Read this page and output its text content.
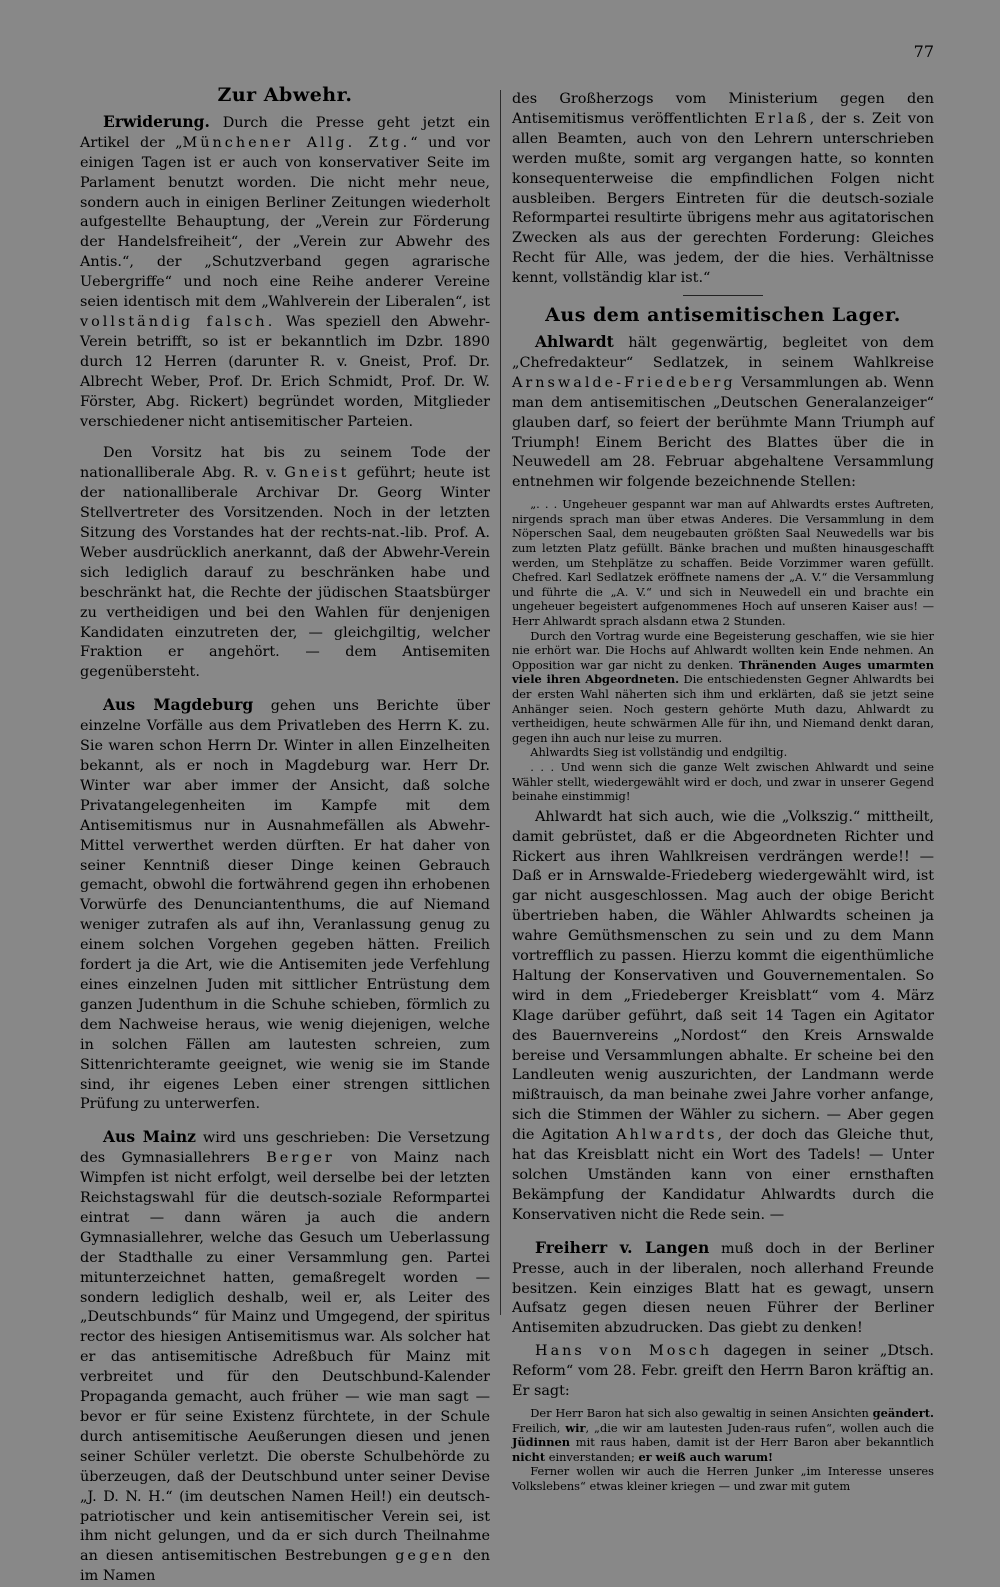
77
Zur Abwehr.

Erwiderung. Durch die Presse geht jetzt ein Artikel der „Münchener Allg. Ztg.“ und vor einigen Tagen ist er auch von konservativer Seite im Parlament benutzt worden. Die nicht mehr neue, sondern auch in einigen Berliner Zeitungen wiederholt aufgestellte Behauptung, der „Verein zur Förderung der Handelsfreiheit“, der „Verein zur Abwehr des Antis.“, der „Schutzverband gegen agrarische Uebergriffe“ und noch eine Reihe anderer Vereine seien identisch mit dem „Wahlverein der Liberalen“, ist vollständig falsch. Was speziell den Abwehr-Verein betrifft, so ist er bekanntlich im Dzbr. 1890 durch 12 Herren (darunter R. v. Gneist, Prof. Dr. Albrecht Weber, Prof. Dr. Erich Schmidt, Prof. Dr. W. Förster, Abg. Rickert) begründet worden, Mitglieder verschiedener nicht antisemitischer Parteien.

Den Vorsitz hat bis zu seinem Tode der nationalliberale Abg. R. v. Gneist geführt; heute ist der nationalliberale Archivar Dr. Georg Winter Stellvertreter des Vorsitzenden. Noch in der letzten Sitzung des Vorstandes hat der rechts-nat.-lib. Prof. A. Weber ausdrücklich anerkannt, daß der Abwehr-Verein sich lediglich darauf zu beschränken habe und beschränkt hat, die Rechte der jüdischen Staatsbürger zu vertheidigen und bei den Wahlen für denjenigen Kandidaten einzutreten der, — gleichgiltig, welcher Fraktion er angehört. — dem Antisemiten gegenübersteht.

Aus Magdeburg gehen uns Berichte über einzelne Vorfälle aus dem Privatleben des Herrn K. zu. Sie waren schon Herrn Dr. Winter in allen Einzelheiten bekannt, als er noch in Magdeburg war. Herr Dr. Winter war aber immer der Ansicht, daß solche Privatangelegenheiten im Kampfe mit dem Antisemitismus nur in Ausnahmefällen als Abwehr-Mittel verwerthet werden dürften. Er hat daher von seiner Kenntniß dieser Dinge keinen Gebrauch gemacht, obwohl die fortwährend gegen ihn erhobenen Vorwürfe des Denunciantenthums, die auf Niemand weniger zutrafen als auf ihn, Veranlassung genug zu einem solchen Vorgehen gegeben hätten. Freilich fordert ja die Art, wie die Antisemiten jede Verfehlung eines einzelnen Juden mit sittlicher Entrüstung dem ganzen Judenthum in die Schuhe schieben, förmlich zu dem Nachweise heraus, wie wenig diejenigen, welche in solchen Fällen am lautesten schreien, zum Sittenrichteramte geeignet, wie wenig sie im Stande sind, ihr eigenes Leben einer strengen sittlichen Prüfung zu unterwerfen.

Aus Mainz wird uns geschrieben: Die Versetzung des Gymnasiallehrers Berger von Mainz nach Wimpfen ist nicht erfolgt, weil derselbe bei der letzten Reichstagswahl für die deutsch-soziale Reformpartei eintrat — dann wären ja auch die andern Gymnasiallehrer, welche das Gesuch um Ueberlassung der Stadthalle zu einer Versammlung gen. Partei mitunterzeichnet hatten, gemaßregelt worden — sondern lediglich deshalb, weil er, als Leiter des „Deutschbunds“ für Mainz und Umgegend, der spiritus rector des hiesigen Antisemitismus war. Als solcher hat er das antisemitische Adreßbuch für Mainz mit verbreitet und für den Deutschbund-Kalender Propaganda gemacht, auch früher — wie man sagt — bevor er für seine Existenz fürchtete, in der Schule durch antisemitische Aeußerungen diesen und jenen seiner Schüler verletzt. Die oberste Schulbehörde zu überzeugen, daß der Deutschbund unter seiner Devise „J. D. N. H.“ (im deutschen Namen Heil!) ein deutsch-patriotischer und kein antisemitischer Verein sei, ist ihm nicht gelungen, und da er sich durch Theilnahme an diesen antisemitischen Bestrebungen gegen den im Namen

des Großherzogs vom Ministerium gegen den Antisemitismus veröffentlichten Erlaß, der s. Zeit von allen Beamten, auch von den Lehrern unterschrieben werden mußte, somit arg vergangen hatte, so konnten konsequenterweise die empfindlichen Folgen nicht ausbleiben. Bergers Eintreten für die deutsch-soziale Reformpartei resultirte übrigens mehr aus agitatorischen Zwecken als aus der gerechten Forderung: Gleiches Recht für Alle, was jedem, der die hies. Verhältnisse kennt, vollständig klar ist.“

Aus dem antisemitischen Lager.

Ahlwardt hält gegenwärtig, begleitet von dem „Chefredakteur“ Sedlatzek, in seinem Wahlkreise Arnswalde-Friedeberg Versammlungen ab. Wenn man dem antisemitischen „Deutschen Generalanzeiger“ glauben darf, so feiert der berühmte Mann Triumph auf Triumph! Einem Bericht des Blattes über die in Neuwedell am 28. Februar abgehaltene Versammlung entnehmen wir folgende bezeichnende Stellen:

„. . . Ungeheuer gespannt war man auf Ahlwardts erstes Auftreten, nirgends sprach man über etwas Anderes. Die Versammlung in dem Nöperschen Saal, dem neugebauten größten Saal Neuwedells war bis zum letzten Platz gefüllt. Bänke brachen und mußten hinausgeschafft werden, um Stehplätze zu schaffen. Beide Vorzimmer waren gefüllt. Chefred. Karl Sedlatzek eröffnete namens der „A. V.“ die Versammlung und führte die „A. V.“ und sich in Neuwedell ein und brachte ein ungeheuer begeistert aufgenommenes Hoch auf unseren Kaiser aus! — Herr Ahlwardt sprach alsdann etwa 2 Stunden.

Durch den Vortrag wurde eine Begeisterung geschaffen, wie sie hier nie erhört war. Die Hochs auf Ahlwardt wollten kein Ende nehmen. An Opposition war gar nicht zu denken. Thränenden Auges umarmten viele ihren Abgeordneten. Die entschiedensten Gegner Ahlwardts bei der ersten Wahl näherten sich ihm und erklärten, daß sie jetzt seine Anhänger seien. Noch gestern gehörte Muth dazu, Ahlwardt zu vertheidigen, heute schwärmen Alle für ihn, und Niemand denkt daran, gegen ihn auch nur leise zu murren.

Ahlwardts Sieg ist vollständig und endgiltig.

. . . Und wenn sich die ganze Welt zwischen Ahlwardt und seine Wähler stellt, wiedergewählt wird er doch, und zwar in unserer Gegend beinahe einstimmig!

Ahlwardt hat sich auch, wie die „Volkszig.“ mittheilt, damit gebrüstet, daß er die Abgeordneten Richter und Rickert aus ihren Wahlkreisen verdrängen werde!! — Daß er in Arnswalde-Friedeberg wiedergewählt wird, ist gar nicht ausgeschlossen. Mag auch der obige Bericht übertrieben haben, die Wähler Ahlwardts scheinen ja wahre Gemüthsmenschen zu sein und zu dem Mann vortrefflich zu passen. Hierzu kommt die eigenthümliche Haltung der Konservativen und Gouvernementalen. So wird in dem „Friedeberger Kreisblatt“ vom 4. März Klage darüber geführt, daß seit 14 Tagen ein Agitator des Bauernvereins „Nordost“ den Kreis Arnswalde bereise und Versammlungen abhalte. Er scheine bei den Landleuten wenig auszurichten, der Landmann werde mißtrauisch, da man beinahe zwei Jahre vorher anfange, sich die Stimmen der Wähler zu sichern. — Aber gegen die Agitation Ahlwardts, der doch das Gleiche thut, hat das Kreisblatt nicht ein Wort des Tadels! — Unter solchen Umständen kann von einer ernsthaften Bekämpfung der Kandidatur Ahlwardts durch die Konservativen nicht die Rede sein. —

Freiherr v. Langen muß doch in der Berliner Presse, auch in der liberalen, noch allerhand Freunde besitzen. Kein einziges Blatt hat es gewagt, unsern Aufsatz gegen diesen neuen Führer der Berliner Antisemiten abzudrucken. Das giebt zu denken!

Hans von Mosch dagegen in seiner „Dtsch. Reform“ vom 28. Febr. greift den Herrn Baron kräftig an. Er sagt:

Der Herr Baron hat sich also gewaltig in seinen Ansichten geändert. Freilich, wir, „die wir am lautesten Juden-raus rufen“, wollen auch die Jüdinnen mit raus haben, damit ist der Herr Baron aber bekanntlich nicht einverstanden; er weiß auch warum!

Ferner wollen wir auch die Herren Junker „im Interesse unseres Volkslebens“ etwas kleiner kriegen — und zwar mit gutem
